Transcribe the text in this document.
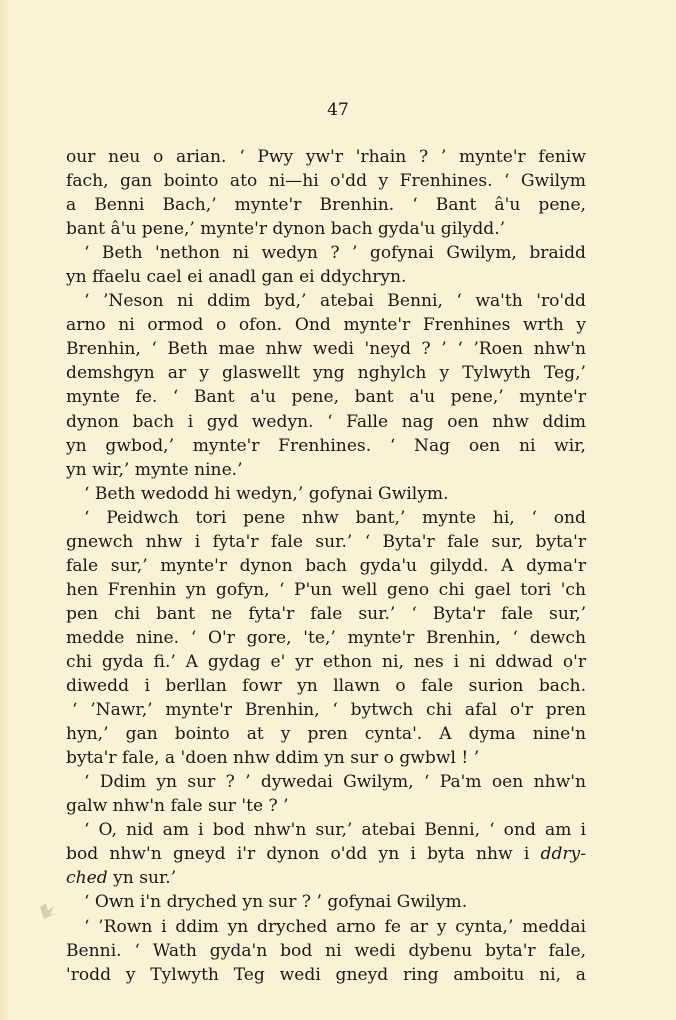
47
our neu o arian. ‘ Pwy yw'r 'rhain ? ’ mynte'r feniw
fach, gan bointo ato ni—hi o'dd y Frenhines. ‘ Gwilym
a Benni Bach,’ mynte'r Brenhin. ‘ Bant â'u pene,
bant â'u pene,’ mynte'r dynon bach gyda'u gilydd.’
‘ Beth 'nethon ni wedyn ? ’ gofynai Gwilym, braidd
yn ffaelu cael ei anadl gan ei ddychryn.
‘ ’Neson ni ddim byd,’ atebai Benni, ‘ wa'th 'ro'dd
arno ni ormod o ofon. Ond mynte'r Frenhines wrth y
Brenhin, ‘ Beth mae nhw wedi 'neyd ? ’ ‘ ’Roen nhw'n
demshgyn ar y glaswellt yng nghylch y Tylwyth Teg,’
mynte fe. ‘ Bant a'u pene, bant a'u pene,’ mynte'r
dynon bach i gyd wedyn. ‘ Falle nag oen nhw ddim
yn gwbod,’ mynte'r Frenhines. ‘ Nag oen ni wir,
yn wir,’ mynte nine.’
‘ Beth wedodd hi wedyn,’ gofynai Gwilym.
‘ Peidwch tori pene nhw bant,’ mynte hi, ‘ ond
gnewch nhw i fyta'r fale sur.’ ‘ Byta'r fale sur, byta'r
fale sur,’ mynte'r dynon bach gyda'u gilydd. A dyma'r
hen Frenhin yn gofyn, ‘ P'un well geno chi gael tori 'ch
pen chi bant ne fyta'r fale sur.’ ‘ Byta'r fale sur,’
medde nine. ‘ O'r gore, 'te,’ mynte'r Brenhin, ‘ dewch
chi gyda fi.’ A gydag e' yr ethon ni, nes i ni ddwad o'r
diwedd i berllan fowr yn llawn o fale surion bach.
‘ ’Nawr,’ mynte'r Brenhin, ‘ bytwch chi afal o'r pren
hyn,’ gan bointo at y pren cynta'. A dyma nine'n
byta'r fale, a 'doen nhw ddim yn sur o gwbwl ! ’
‘ Ddim yn sur ? ’ dywedai Gwilym, ‘ Pa'm oen nhw'n
galw nhw'n fale sur 'te ? ’
‘ O, nid am i bod nhw'n sur,’ atebai Benni, ‘ ond am i
bod nhw'n gneyd i'r dynon o'dd yn i byta nhw i ddry-
ched yn sur.’
‘ Own i'n dryched yn sur ? ’ gofynai Gwilym.
‘ ’Rown i ddim yn dryched arno fe ar y cynta,’ meddai
Benni. ‘ Wath gyda'n bod ni wedi dybenu byta'r fale,
'rodd y Tylwyth Teg wedi gneyd ring amboitu ni, a
